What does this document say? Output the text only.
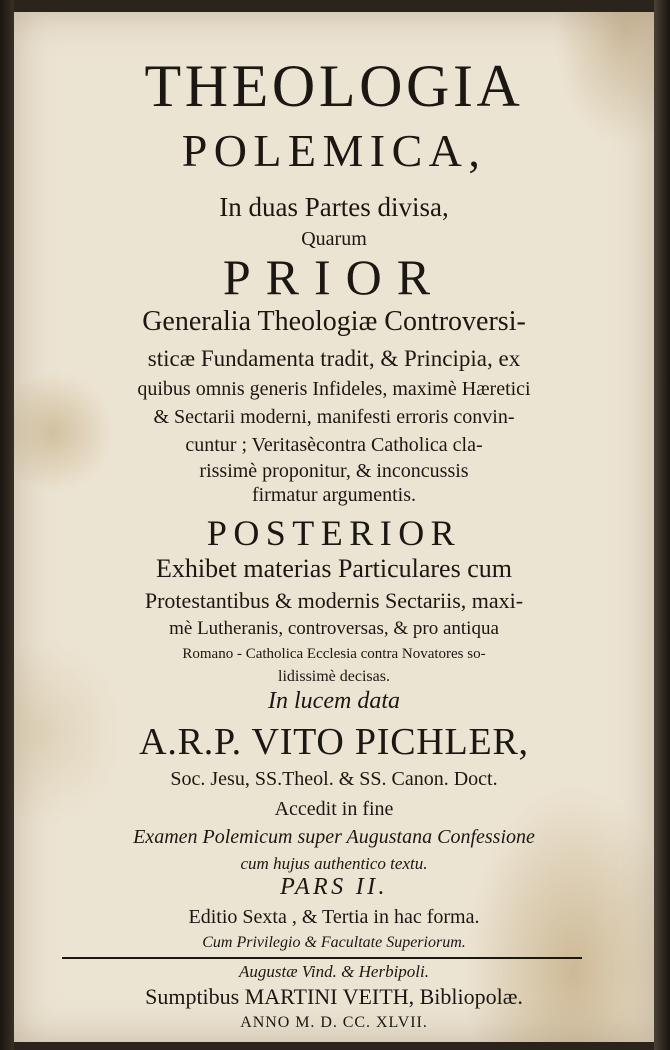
THEOLOGIA
POLEMICA,
In duas Partes divisa,
Quarum
PRIOR
Generalia Theologiæ Controversi-
sticæ Fundamenta tradit, & Principia, ex
quibus omnis generis Infideles, maximè Hæretici
& Sectarii moderni, manifesti erroris convin-
cuntur ; Veritasècontra Catholica cla-
rissimè proponitur, & inconcussis
firmatur argumentis.
POSTERIOR
Exhibet materias Particulares cum
Protestantibus & modernis Sectariis, maxi-
mè Lutheranis, controversas, & pro antiqua
Romano - Catholica Ecclesia contra Novatores so-
lidissimè decisas.
In lucem data
A.R.P. VITO PICHLER,
Soc. Jesu, SS.Theol. & SS. Canon. Doct.
Accedit in fine
Examen Polemicum super Augustana Confessione
cum hujus authentico textu.
PARS II.
Editio Sexta , & Tertia in hac forma.
Cum Privilegio & Facultate Superiorum.
Augustæ Vind. & Herbipoli.
Sumptibus MARTINI VEITH, Bibliopolæ.
ANNO M. D. CC. XLVII.
